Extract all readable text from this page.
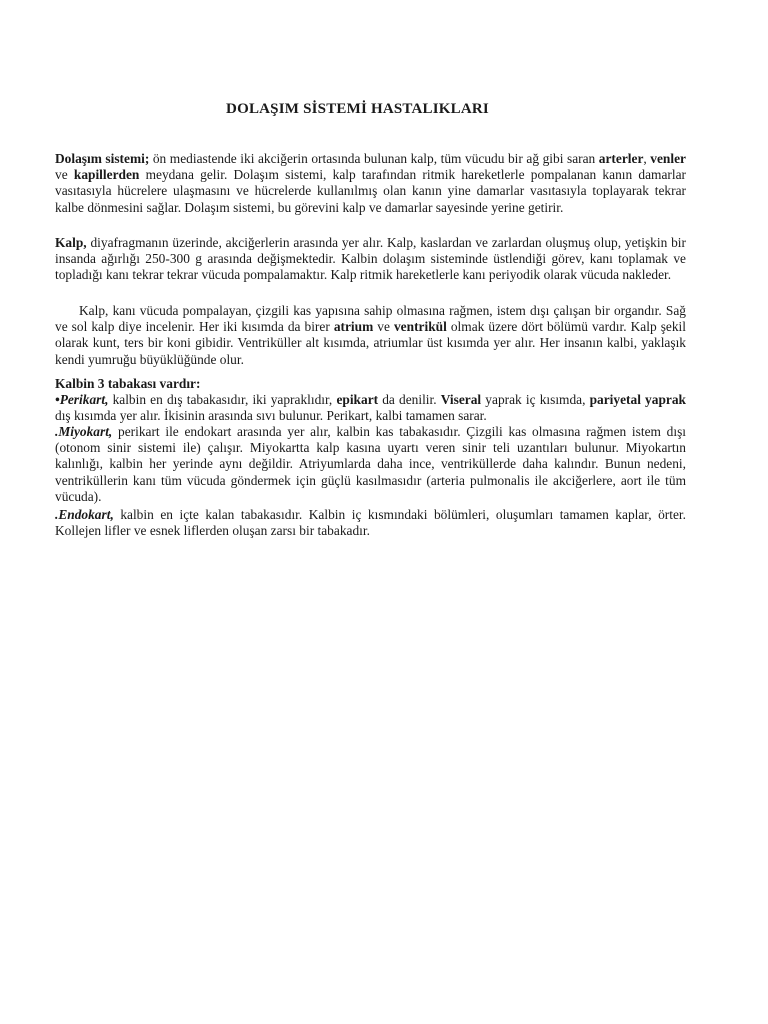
DOLAŞIM SİSTEMİ HASTALIKLARI

Dolaşım sistemi; ön mediastende iki akciğerin ortasında bulunan kalp, tüm vücudu bir ağ gibi saran arterler, venler ve kapillerden meydana gelir. Dolaşım sistemi, kalp tarafından ritmik hareketlerle pompalanan kanın damarlar vasıtasıyla hücrelere ulaşmasını ve hücrelerde kullanılmış olan kanın yine damarlar vasıtasıyla toplayarak tekrar kalbe dönmesini sağlar. Dolaşım sistemi, bu görevini kalp ve damarlar sayesinde yerine getirir.

Kalp, diyafragmanın üzerinde, akciğerlerin arasında yer alır. Kalp, kaslardan ve zarlardan oluşmuş olup, yetişkin bir insanda ağırlığı 250-300 g arasında değişmektedir. Kalbin dolaşım sisteminde üstlendiği görev, kanı toplamak ve topladığı kanı tekrar tekrar vücuda pompalamaktır. Kalp ritmik hareketlerle kanı periyodik olarak vücuda nakleder.

Kalp, kanı vücuda pompalayan, çizgili kas yapısına sahip olmasına rağmen, istem dışı çalışan bir organdır. Sağ ve sol kalp diye incelenir. Her iki kısımda da birer atrium ve ventrikül olmak üzere dört bölümü vardır. Kalp şekil olarak kunt, ters bir koni gibidir. Ventriküller alt kısımda, atriumlar üst kısımda yer alır. Her insanın kalbi, yaklaşık kendi yumruğu büyüklüğünde olur.

Kalbin 3 tabakası vardır:

•Perikart, kalbin en dış tabakasıdır, iki yapraklıdır, epikart da denilir. Viseral yaprak iç kısımda, pariyetal yaprak dış kısımda yer alır. İkisinin arasında sıvı bulunur. Perikart, kalbi tamamen sarar.

.Miyokart, perikart ile endokart arasında yer alır, kalbin kas tabakasıdır. Çizgili kas olmasına rağmen istem dışı (otonom sinir sistemi ile) çalışır. Miyokartta kalp kasına uyartı veren sinir teli uzantıları bulunur. Miyokartın kalınlığı, kalbin her yerinde aynı değildir. Atriyumlarda daha ince, ventriküllerde daha kalındır. Bunun nedeni, ventriküllerin kanı tüm vücuda göndermek için güçlü kasılmasıdır (arteria pulmonalis ile akciğerlere, aort ile tüm vücuda).

.Endokart, kalbin en içte kalan tabakasıdır. Kalbin iç kısmındaki bölümleri, oluşumları tamamen kaplar, örter. Kollejen lifler ve esnek liflerden oluşan zarsı bir tabakadır.
